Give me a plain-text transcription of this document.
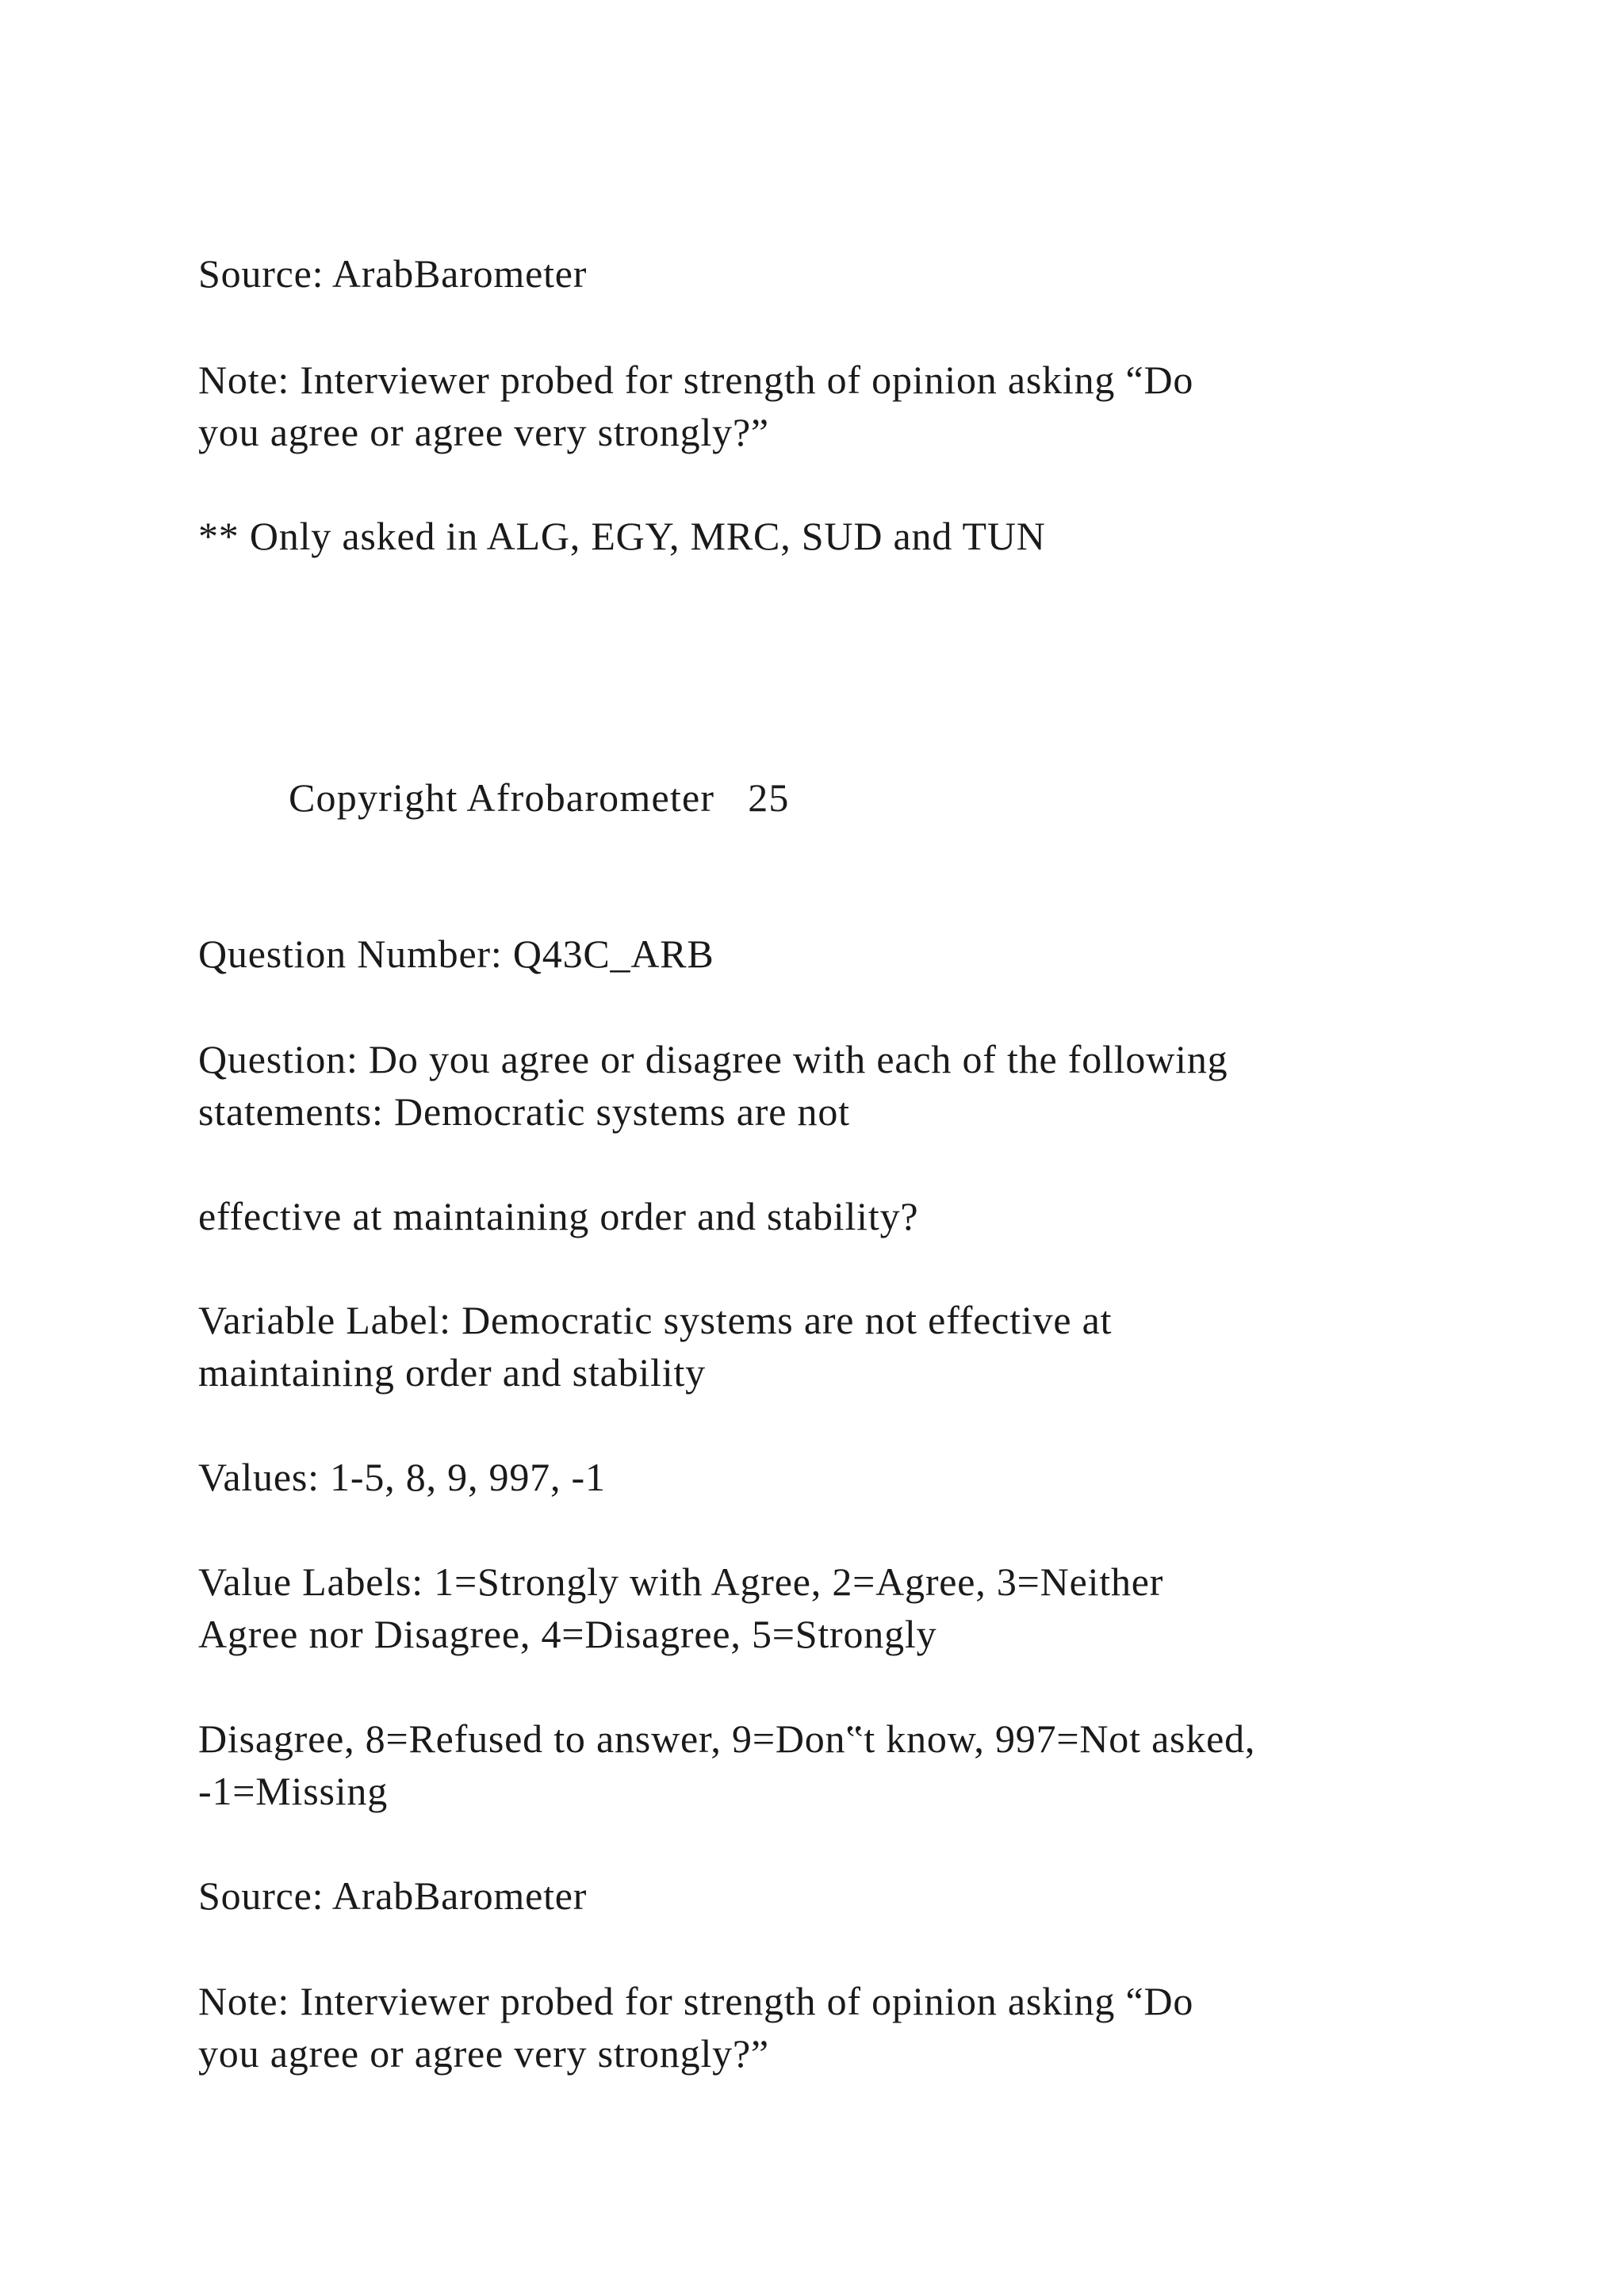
Source: ArabBarometer
Note: Interviewer probed for strength of opinion asking “Do
you agree or agree very strongly?”
** Only asked in ALG, EGY, MRC, SUD and TUN
Copyright Afrobarometer 25
Question Number: Q43C_ARB
Question: Do you agree or disagree with each of the following
statements: Democratic systems are not
effective at maintaining order and stability?
Variable Label: Democratic systems are not effective at
maintaining order and stability
Values: 1-5, 8, 9, 997, -1
Value Labels: 1=Strongly with Agree, 2=Agree, 3=Neither
Agree nor Disagree, 4=Disagree, 5=Strongly
Disagree, 8=Refused to answer, 9=Don‟t know, 997=Not asked,
-1=Missing
Source: ArabBarometer
Note: Interviewer probed for strength of opinion asking “Do
you agree or agree very strongly?”
